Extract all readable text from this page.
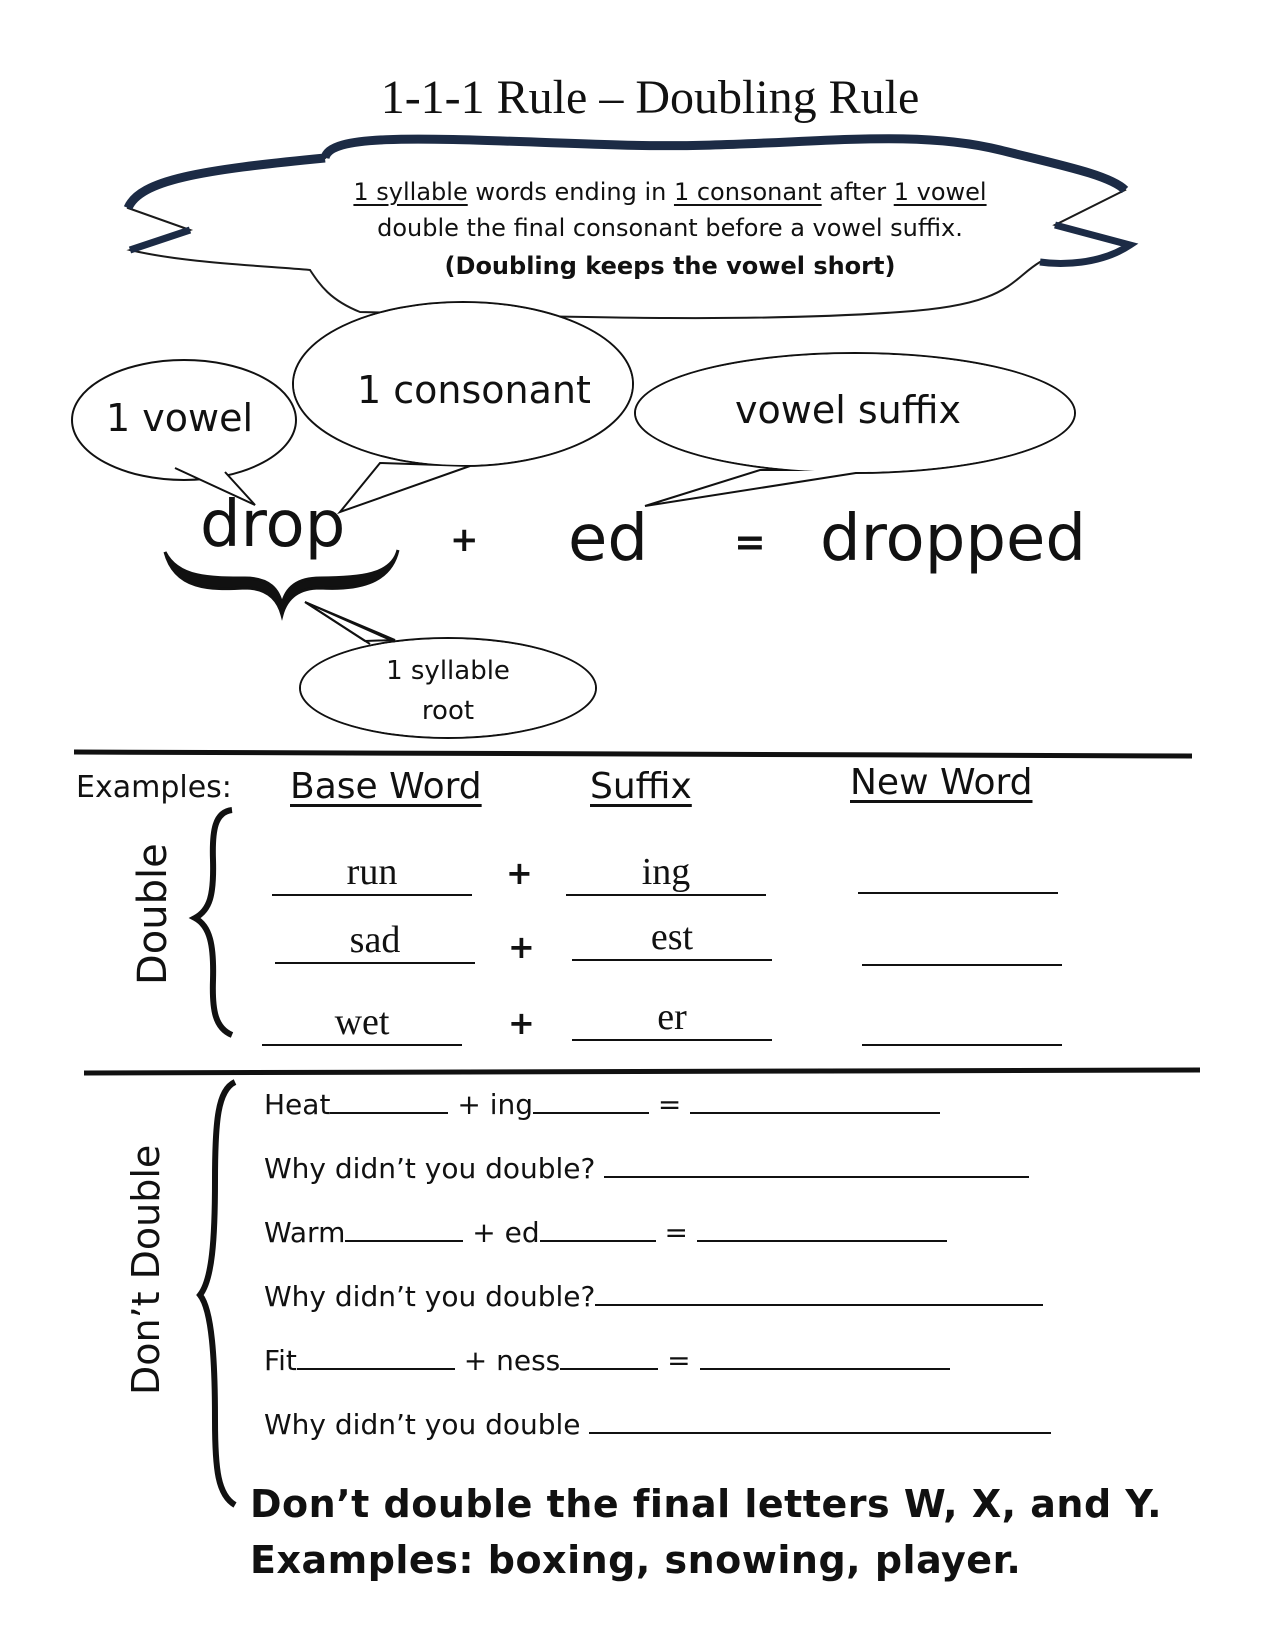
1-1-1 Rule – Doubling Rule
1 syllable words ending in 1 consonant after 1 vowel
double the final consonant before a vowel suffix.
(Doubling keeps the vowel short)
1 vowel
1 consonant	vowel suffix
1 syllable
root
drop	+ ed = dropped
Examples: Base Word	Suffix	New Word
Double	run	+	ing
sad	+	est
wet	+	er
Don’t Double
Heat	+ ing	=
Why didn’t you double?
Warm	+ ed	=
Why didn’t you double?
Fit	+ ness	=
Why didn’t you double
Don’t double the final letters W, X, and Y.
Examples: boxing, snowing, player.
